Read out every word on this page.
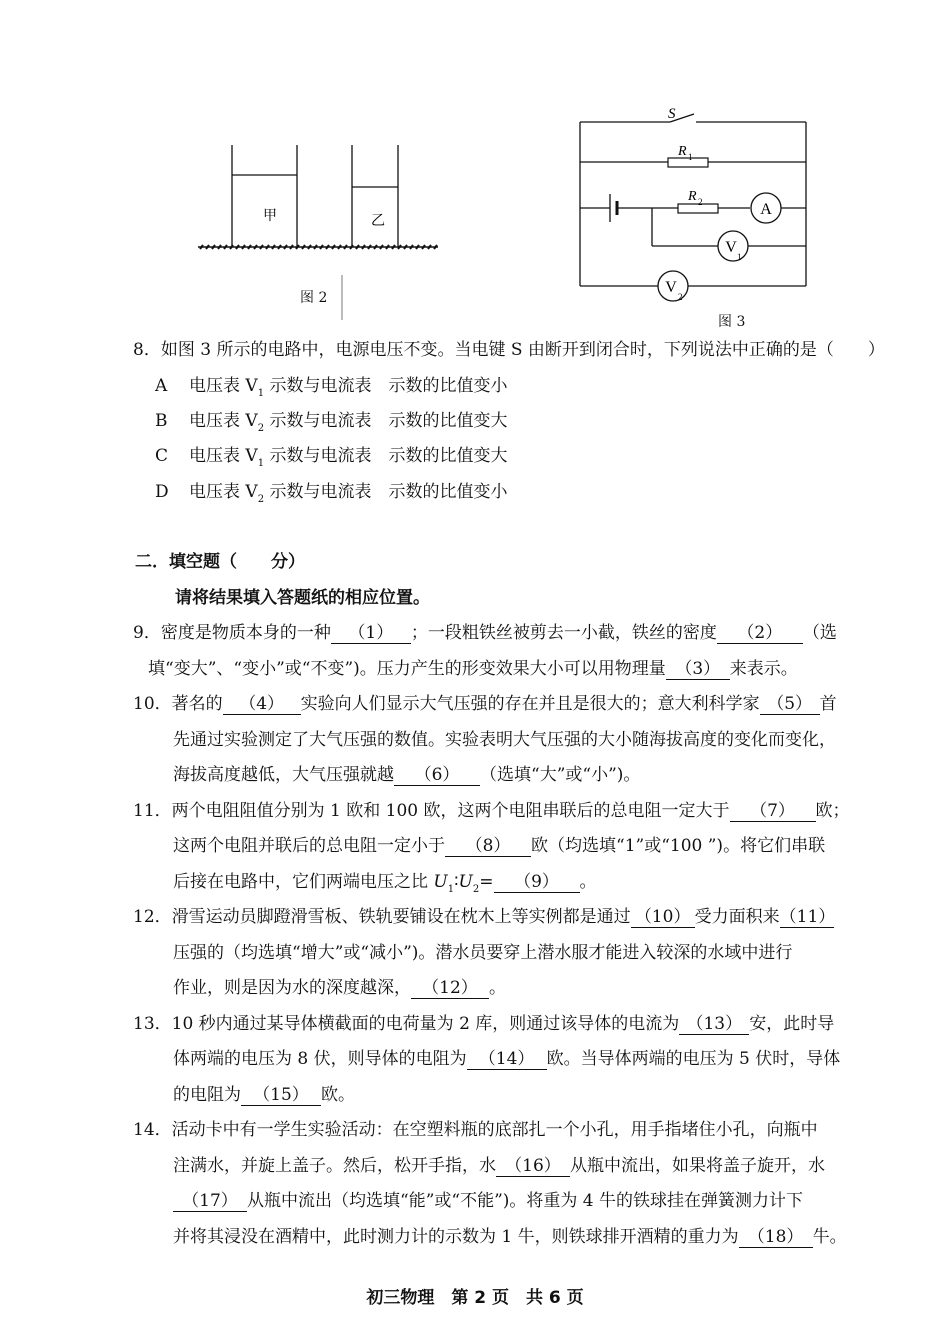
甲	乙
图 2
S
R 1
A
R 2
V
1
V
2
图 3
8．如图 3 所示的电路中，电源电压不变。当电键 S 由断开到闭合时，下列说法中正确的是（　　）
A 电压表 $V_1$ 示数与电流表　示数的比值变小
B 电压表 $V_2$ 示数与电流表　示数的比值变大
C 电压表 $V_1$ 示数与电流表　示数的比值变大
D 电压表 $V_2$ 示数与电流表　示数的比值变小
二．填空题（　　分）
请将结果填入答题纸的相应位置。
9．密度是物质本身的一种 （1） ；一段粗铁丝被剪去一小截，铁丝的密度 （2） （选
填“变大”、“变小”或“不变”)。压力产生的形变效果大小可以用物理量 （3） 来表示。
10．著名的 （4） 实验向人们显示大气压强的存在并且是很大的；意大利科学家 （5） 首
先通过实验测定了大气压强的数值。实验表明大气压强的大小随海拔高度的变化而变化，
海拔高度越低，大气压强就越 （6） （选填“大”或“小”)。
11．两个电阻阻值分别为 1 欧和 100 欧，这两个电阻串联后的总电阻一定大于 （7） 欧；
这两个电阻并联后的总电阻一定小于 （8） 欧（均选填“1”或“100 ”)。将它们串联
后接在电路中，它们两端电压之比 $U_1∶U_2= (9)$ 。
12．滑雪运动员脚蹬滑雪板、铁轨要铺设在枕木上等实例都是通过 （10） 受力面积来（11）
压强的（均选填“增大”或“减小”)。潜水员要穿上潜水服才能进入较深的水域中进行
作业，则是因为水的深度越深， （12） 。
13．10 秒内通过某导体横截面的电荷量为 2 库，则通过该导体的电流为 （13） 安，此时导
体两端的电压为 8 伏，则导体的电阻为 （14） 欧。当导体两端的电压为 5 伏时，导体
的电阻为 （15） 欧。
14．活动卡中有一学生实验活动：在空塑料瓶的底部扎一个小孔，用手指堵住小孔，向瓶中
注满水，并旋上盖子。然后，松开手指，水 （16） 从瓶中流出，如果将盖子旋开，水
（17） 从瓶中流出（均选填“能”或“不能”)。将重为 4 牛的铁球挂在弹簧测力计下
并将其浸没在酒精中，此时测力计的示数为 1 牛，则铁球排开酒精的重力为 （18） 牛。
初三物理　第 2 页　共 6 页
